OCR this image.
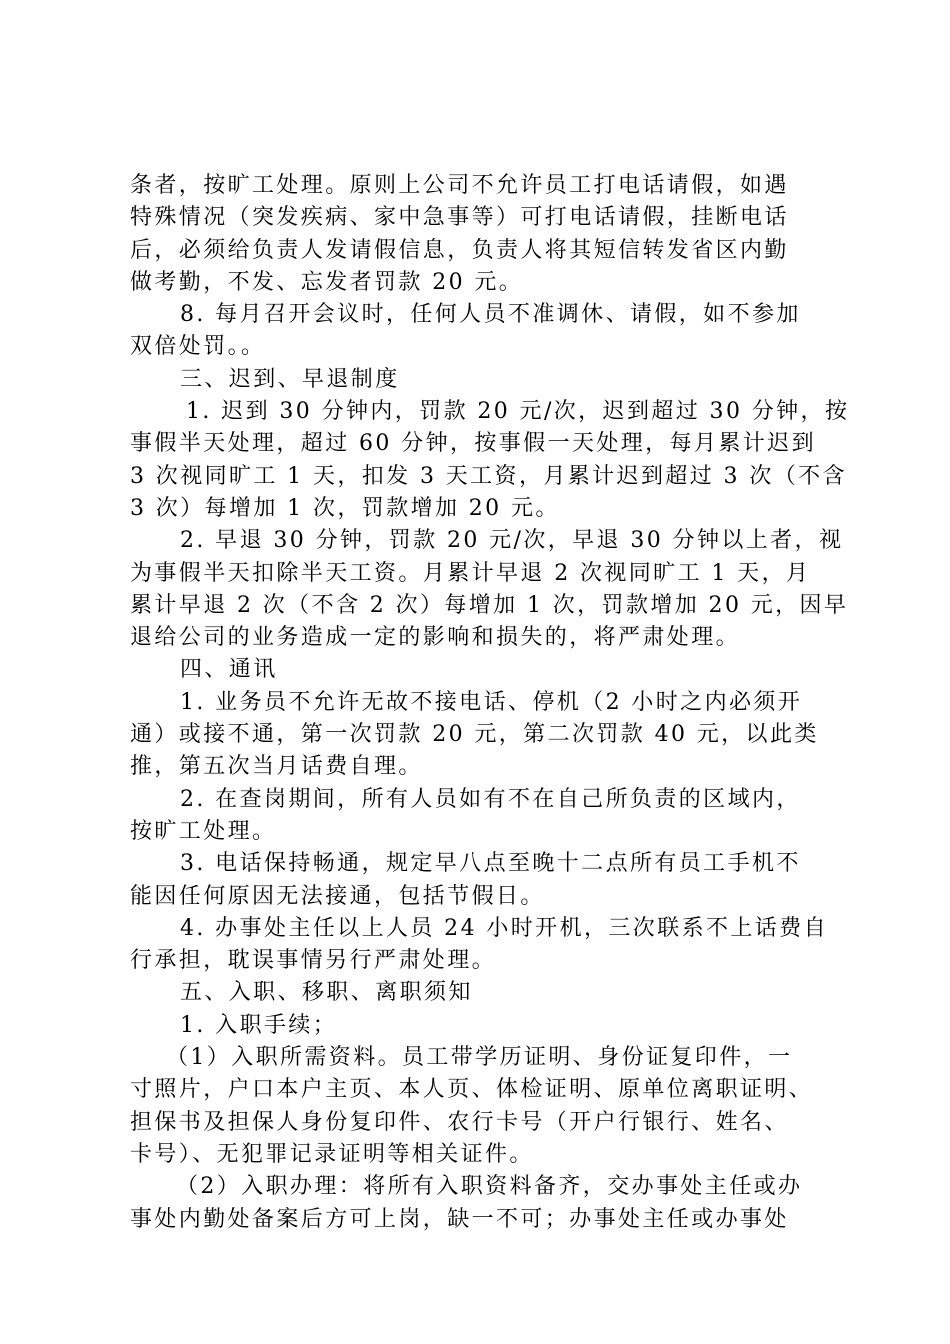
条者，按旷工处理。原则上公司不允许员工打电话请假，如遇
特殊情况（突发疾病、家中急事等）可打电话请假，挂断电话
后，必须给负责人发请假信息，负责人将其短信转发省区内勤
做考勤，不发、忘发者罚款 20 元。
8. 每月召开会议时，任何人员不准调休、请假，如不参加
双倍处罚。。
三、迟到、早退制度
1. 迟到 30 分钟内，罚款 20 元/次，迟到超过 30 分钟，按
事假半天处理，超过 60 分钟，按事假一天处理，每月累计迟到
3 次视同旷工 1 天，扣发 3 天工资，月累计迟到超过 3 次（不含
3 次）每增加 1 次，罚款增加 20 元。
2. 早退 30 分钟，罚款 20 元/次，早退 30 分钟以上者，视
为事假半天扣除半天工资。月累计早退 2 次视同旷工 1 天，月
累计早退 2 次（不含 2 次）每增加 1 次，罚款增加 20 元，因早
退给公司的业务造成一定的影响和损失的，将严肃处理。
四、通讯
1. 业务员不允许无故不接电话、停机（2 小时之内必须开
通）或接不通，第一次罚款 20 元，第二次罚款 40 元，以此类
推，第五次当月话费自理。
2. 在查岗期间，所有人员如有不在自己所负责的区域内，
按旷工处理。
3. 电话保持畅通，规定早八点至晚十二点所有员工手机不
能因任何原因无法接通，包括节假日。
4. 办事处主任以上人员 24 小时开机，三次联系不上话费自
行承担，耽误事情另行严肃处理。
五、入职、移职、离职须知
1. 入职手续；
（1）入职所需资料。员工带学历证明、身份证复印件，一
寸照片，户口本户主页、本人页、体检证明、原单位离职证明、
担保书及担保人身份复印件、农行卡号（开户行银行、姓名、
卡号）、无犯罪记录证明等相关证件。
（2）入职办理：将所有入职资料备齐，交办事处主任或办
事处内勤处备案后方可上岗，缺一不可；办事处主任或办事处
